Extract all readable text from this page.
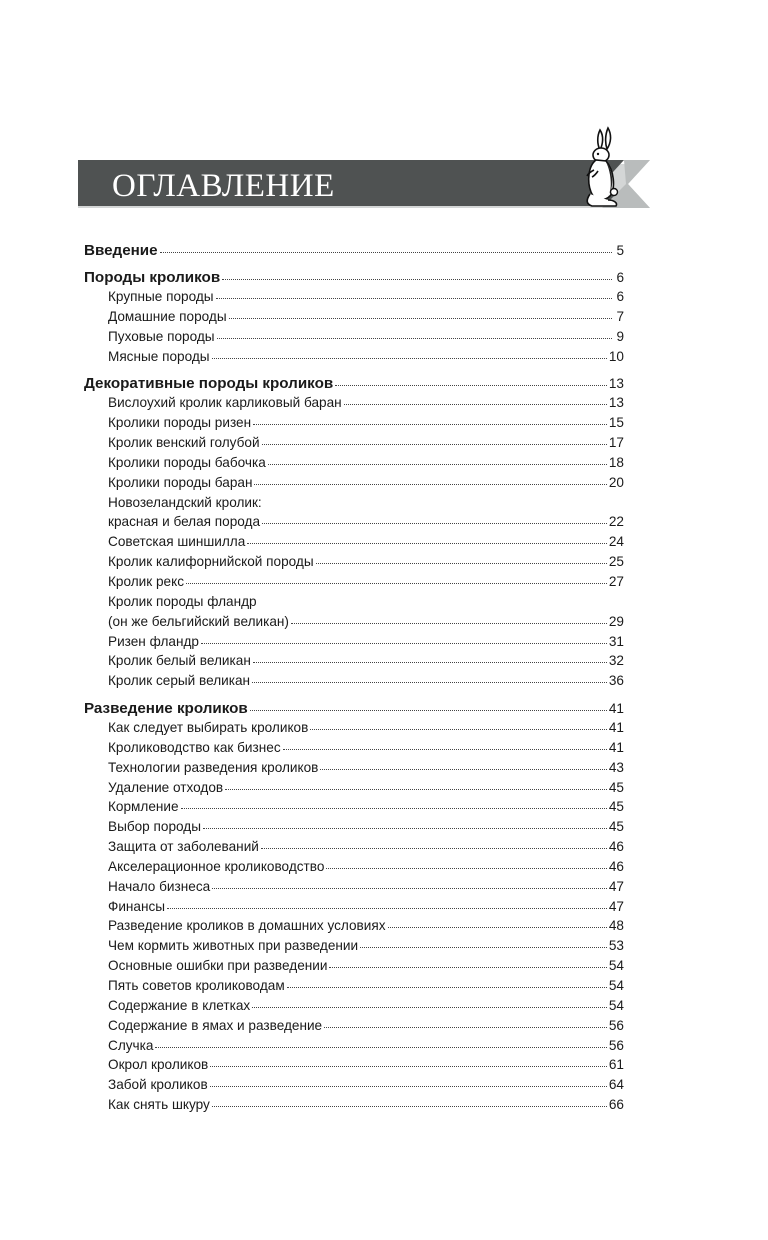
ОГЛАВЛЕНИЕ
Введение	5
Породы кроликов	6
Крупные породы	6
Домашние породы	7
Пуховые породы	9
Мясные породы	10
Декоративные породы кроликов	13
Вислоухий кролик карликовый баран	13
Кролики породы ризен	15
Кролик венский голубой	17
Кролики породы бабочка	18
Кролики породы баран	20
Новозеландский кролик:
красная и белая порода	22
Советская шиншилла	24
Кролик калифорнийской породы	25
Кролик рекс	27
Кролик породы фландр
(он же бельгийский великан)	29
Ризен фландр	31
Кролик белый великан	32
Кролик серый великан	36
Разведение кроликов	41
Как следует выбирать кроликов	41
Кролиководство как бизнес	41
Технологии разведения кроликов	43
Удаление отходов	45
Кормление	45
Выбор породы	45
Защита от заболеваний	46
Акселерационное кролиководство	46
Начало бизнеса	47
Финансы	47
Разведение кроликов в домашних условиях	48
Чем кормить животных при разведении	53
Основные ошибки при разведении	54
Пять советов кролиководам	54
Содержание в клетках	54
Содержание в ямах и разведение	56
Случка	56
Окрол кроликов	61
Забой кроликов	64
Как снять шкуру	66
